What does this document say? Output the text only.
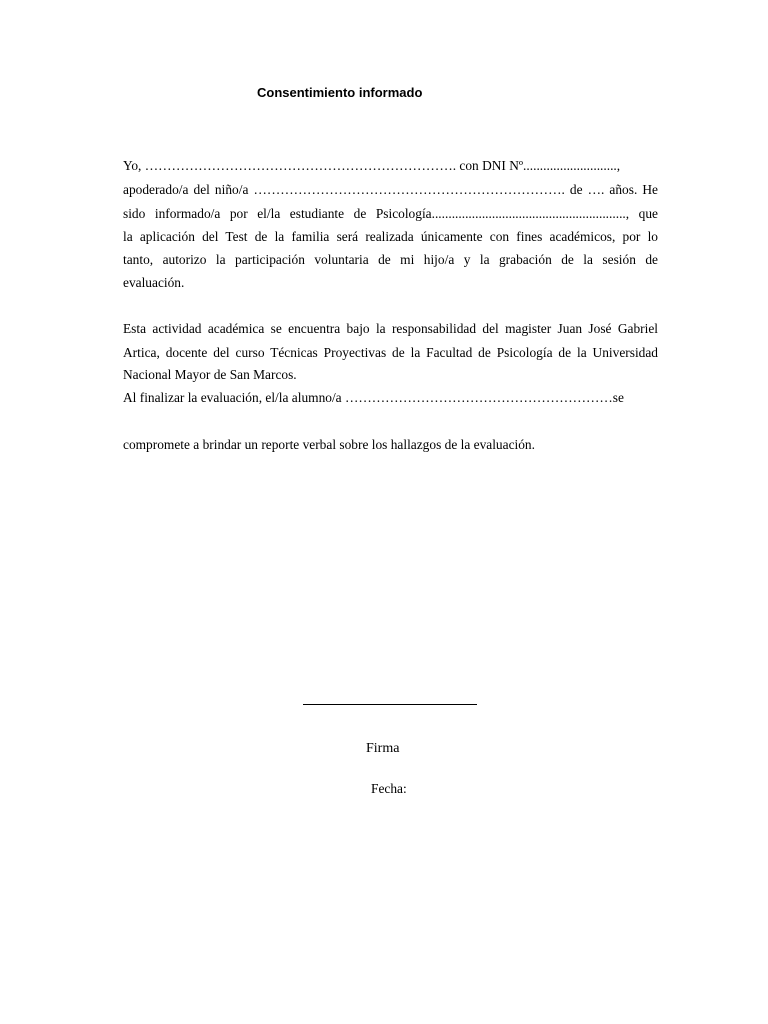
Consentimiento informado
Yo, ……………………………………………………………. con DNI Nº............................,
apoderado/a del niño/a ……………………………………………………………. de …. años. He
sido informado/a por el/la estudiante de Psicología.........................................................., que
la aplicación del Test de la familia será realizada únicamente con fines académicos, por lo
tanto, autorizo la participación voluntaria de mi hijo/a y la grabación de la sesión de
evaluación.
Esta actividad académica se encuentra bajo la responsabilidad del magister Juan José Gabriel
Artica, docente del curso Técnicas Proyectivas de la Facultad de Psicología de la Universidad
Nacional Mayor de San Marcos.
Al finalizar la evaluación, el/la alumno/a ……………………………………………………se
compromete a brindar un reporte verbal sobre los hallazgos de la evaluación.
Firma
Fecha:
